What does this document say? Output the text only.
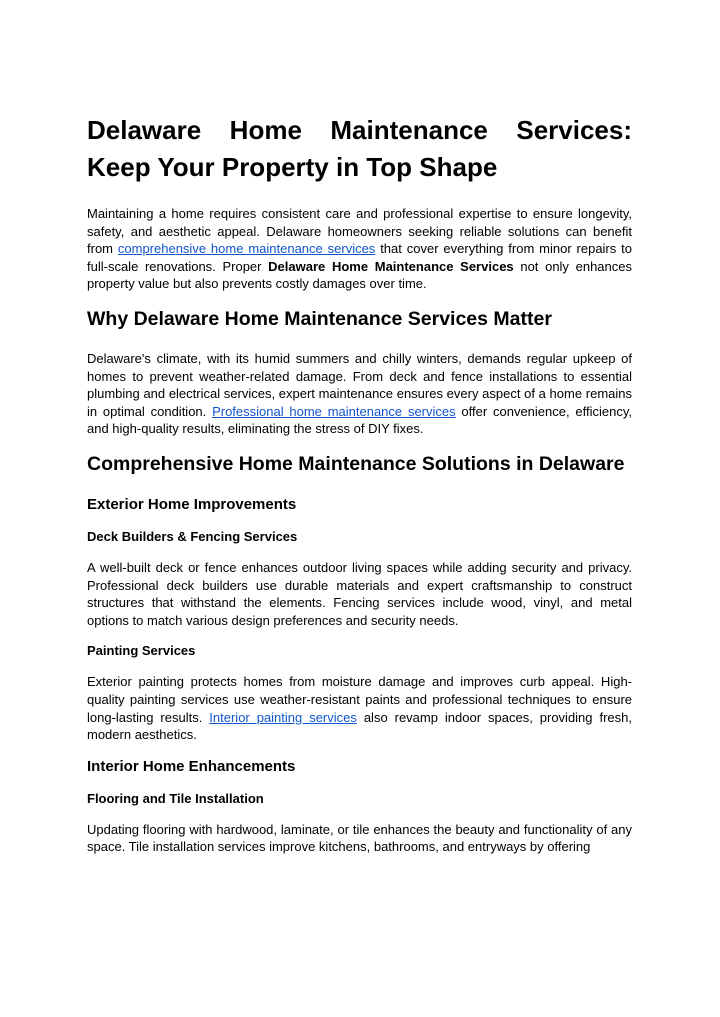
Delaware Home Maintenance Services: Keep Your Property in Top Shape

Maintaining a home requires consistent care and professional expertise to ensure longevity, safety, and aesthetic appeal. Delaware homeowners seeking reliable solutions can benefit from comprehensive home maintenance services that cover everything from minor repairs to full-scale renovations. Proper Delaware Home Maintenance Services not only enhances property value but also prevents costly damages over time.

Why Delaware Home Maintenance Services Matter

Delaware's climate, with its humid summers and chilly winters, demands regular upkeep of homes to prevent weather-related damage. From deck and fence installations to essential plumbing and electrical services, expert maintenance ensures every aspect of a home remains in optimal condition. Professional home maintenance services offer convenience, efficiency, and high-quality results, eliminating the stress of DIY fixes.

Comprehensive Home Maintenance Solutions in Delaware
Exterior Home Improvements
Deck Builders & Fencing Services

A well-built deck or fence enhances outdoor living spaces while adding security and privacy. Professional deck builders use durable materials and expert craftsmanship to construct structures that withstand the elements. Fencing services include wood, vinyl, and metal options to match various design preferences and security needs.

Painting Services

Exterior painting protects homes from moisture damage and improves curb appeal. High-quality painting services use weather-resistant paints and professional techniques to ensure long-lasting results. Interior painting services also revamp indoor spaces, providing fresh, modern aesthetics.

Interior Home Enhancements
Flooring and Tile Installation

Updating flooring with hardwood, laminate, or tile enhances the beauty and functionality of any space. Tile installation services improve kitchens, bathrooms, and entryways by offering
